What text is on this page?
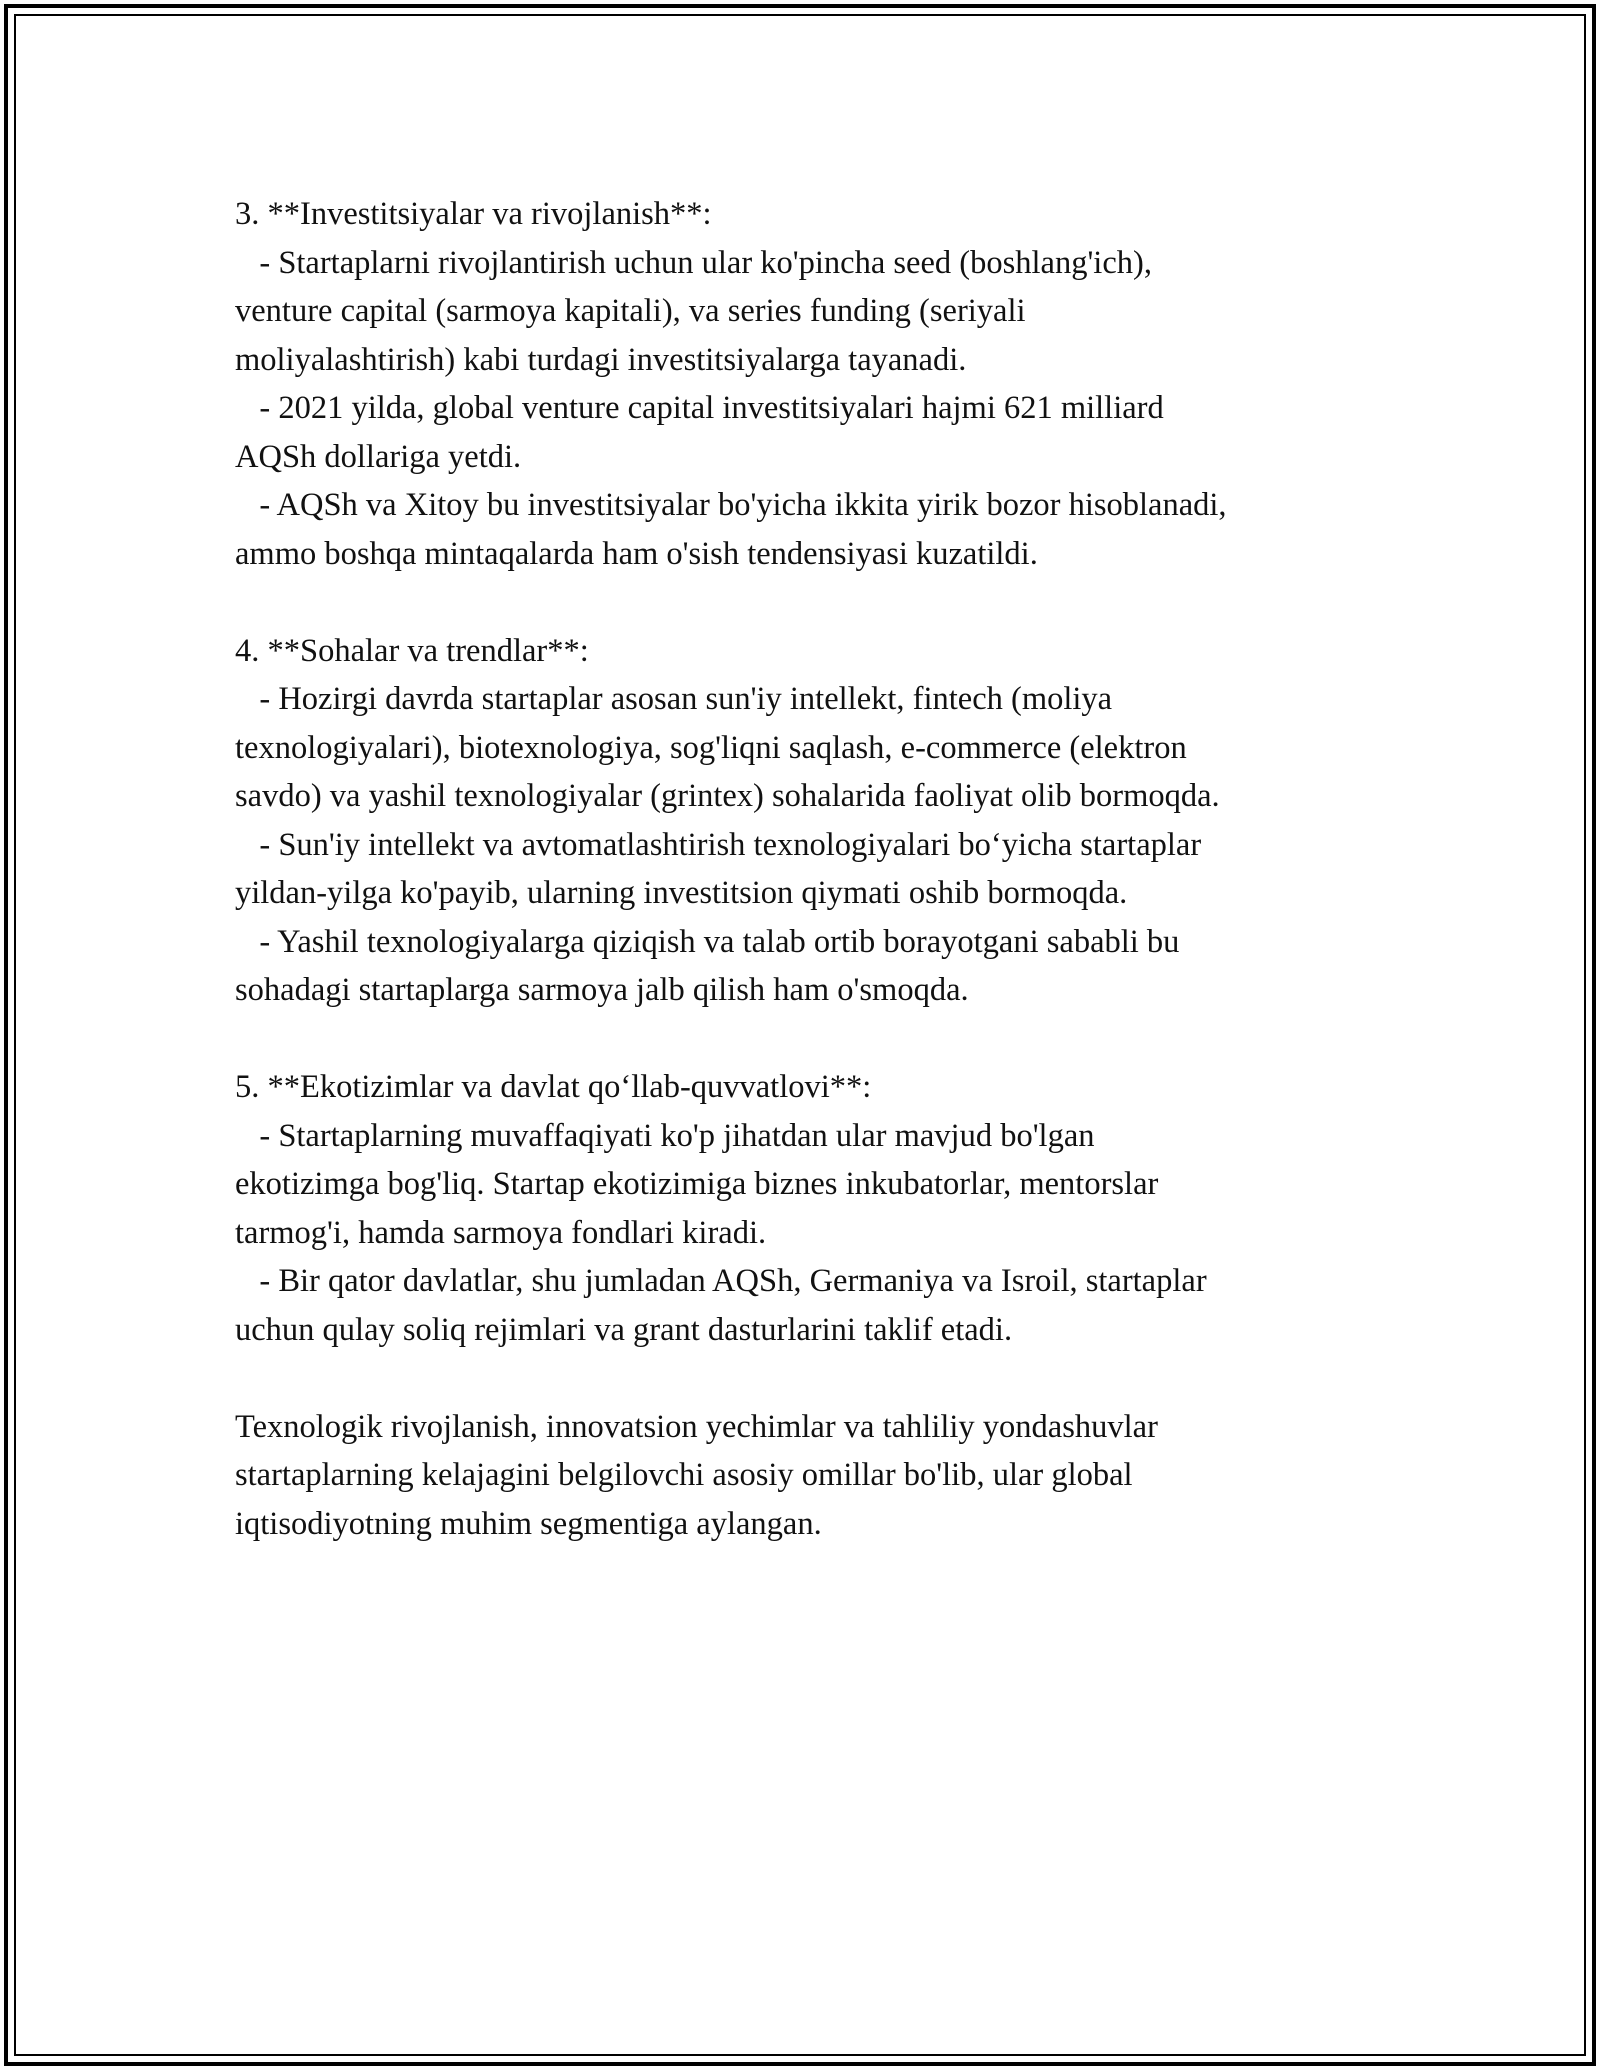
3. **Investitsiyalar va rivojlanish**:
- Startaplarni rivojlantirish uchun ular ko'pincha seed (boshlang'ich),
venture capital (sarmoya kapitali), va series funding (seriyali
moliyalashtirish) kabi turdagi investitsiyalarga tayanadi.
- 2021 yilda, global venture capital investitsiyalari hajmi 621 milliard
AQSh dollariga yetdi.
- AQSh va Xitoy bu investitsiyalar bo'yicha ikkita yirik bozor hisoblanadi,
ammo boshqa mintaqalarda ham o'sish tendensiyasi kuzatildi.
4. **Sohalar va trendlar**:
- Hozirgi davrda startaplar asosan sun'iy intellekt, fintech (moliya
texnologiyalari), biotexnologiya, sog'liqni saqlash, e-commerce (elektron
savdo) va yashil texnologiyalar (grintex) sohalarida faoliyat olib bormoqda.
- Sun'iy intellekt va avtomatlashtirish texnologiyalari bo‘yicha startaplar
yildan-yilga ko'payib, ularning investitsion qiymati oshib bormoqda.
- Yashil texnologiyalarga qiziqish va talab ortib borayotgani sababli bu
sohadagi startaplarga sarmoya jalb qilish ham o'smoqda.
5. **Ekotizimlar va davlat qo‘llab-quvvatlovi**:
- Startaplarning muvaffaqiyati ko'p jihatdan ular mavjud bo'lgan
ekotizimga bog'liq. Startap ekotizimiga biznes inkubatorlar, mentorslar
tarmog'i, hamda sarmoya fondlari kiradi.
- Bir qator davlatlar, shu jumladan AQSh, Germaniya va Isroil, startaplar
uchun qulay soliq rejimlari va grant dasturlarini taklif etadi.
Texnologik rivojlanish, innovatsion yechimlar va tahliliy yondashuvlar
startaplarning kelajagini belgilovchi asosiy omillar bo'lib, ular global
iqtisodiyotning muhim segmentiga aylangan.
